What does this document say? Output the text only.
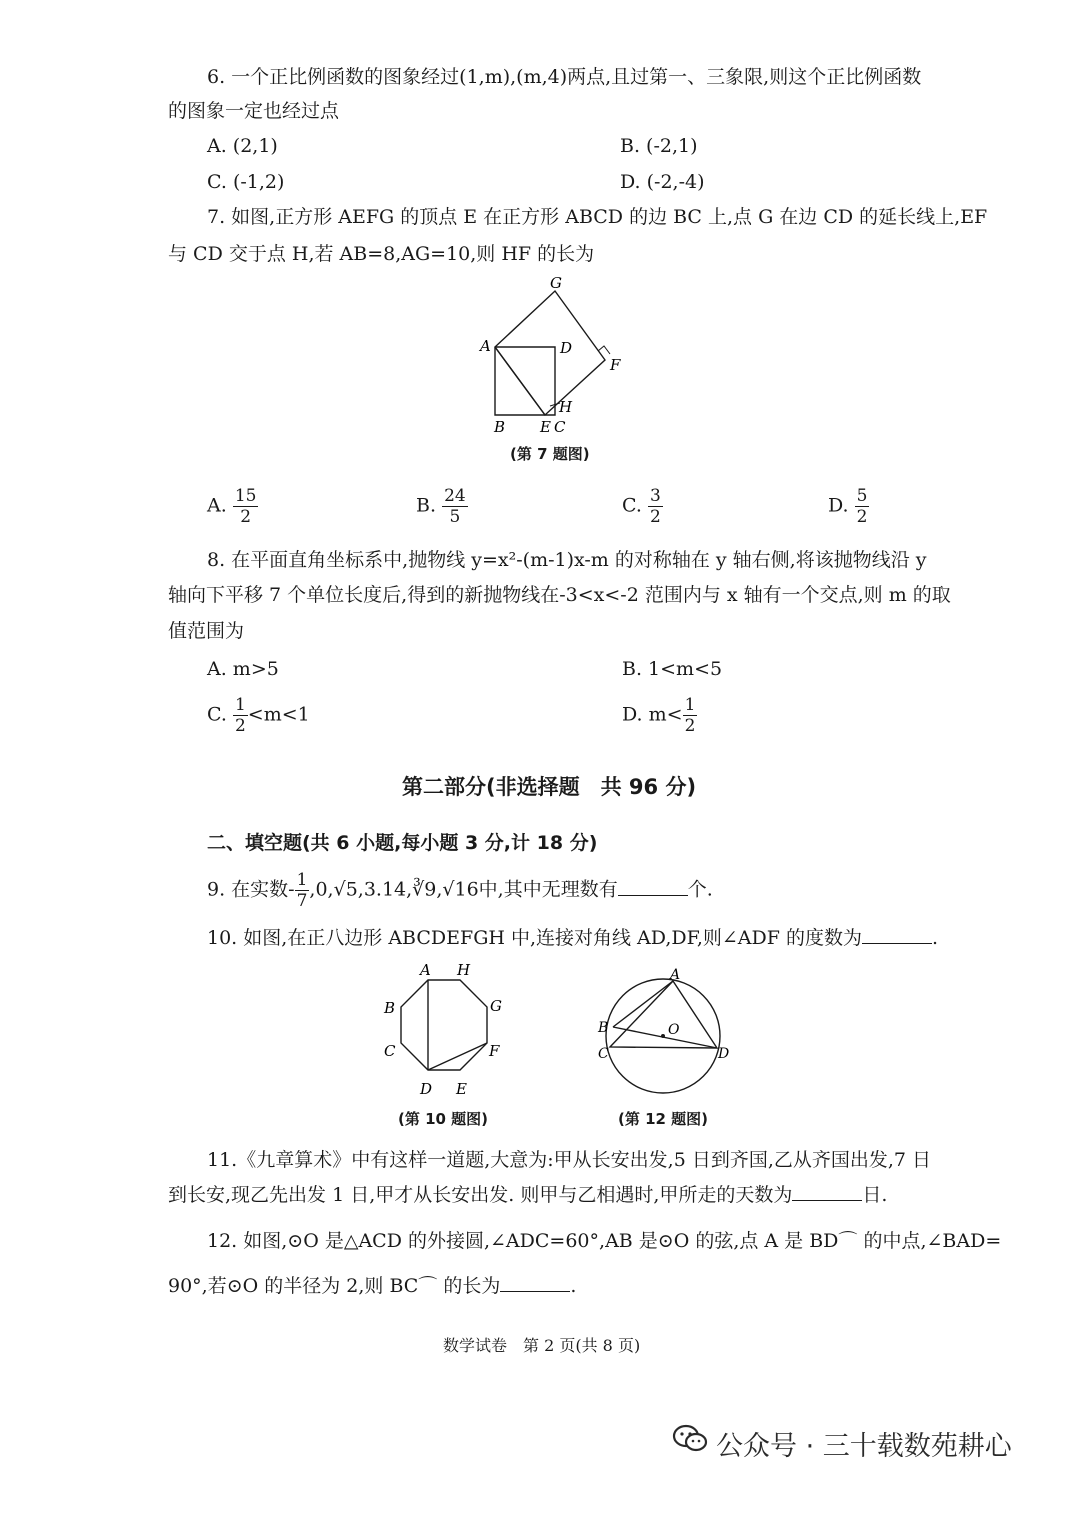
6. 一个正比例函数的图象经过(1,m),(m,4)两点,且过第一、三象限,则这个正比例函数
的图象一定也经过点
A. (2,1)	B. (-2,1)
C. (-1,2)	D. (-2,-4)
7. 如图,正方形 AEFG 的顶点 E 在正方形 ABCD 的边 BC 上,点 G 在边 CD 的延长线上,EF
与 CD 交于点 H,若 AB=8,AG=10,则 HF 的长为
G
A	D
F
H
B E C
(第 7 题图)
A. $\frac{15}{2}$	B. $\frac{24}{5}$	C. $\frac{3}{2}$	D. $\frac{5}{2}$
8. 在平面直角坐标系中,抛物线 y=x²-(m-1)x-m 的对称轴在 y 轴右侧,将该抛物线沿 y
轴向下平移 7 个单位长度后,得到的新抛物线在-3<x<-2 范围内与 x 轴有一个交点,则 m 的取
值范围为
A. m>5	B. 1<m<5
C. $\frac{1}{2} <m<1$	D. $m< \frac{1}{2}$
第二部分(非选择题　共 96 分)
二、填空题(共 6 小题,每小题 3 分,计 18 分)
9. 在实数- $\frac{1}{7}$ ,0,√5,3.14,∛9,√16中,其中无理数有	个.
10. 如图,在正八边形 ABCDEFGH 中,连接对角线 AD,DF,则∠ADF 的度数为	.
A H
B	G
C	F
D E
(第 10 题图)
A
B	O
C	D
(第 12 题图)
11.《九章算术》中有这样一道题,大意为:甲从长安出发,5 日到齐国,乙从齐国出发,7 日
到长安,现乙先出发 1 日,甲才从长安出发. 则甲与乙相遇时,甲所走的天数为	日.
12. 如图,⊙O 是△ACD 的外接圆,∠ADC=60°,AB 是⊙O 的弦,点 A 是 BD⌒ 的中点,∠BAD=
90°,若⊙O 的半径为 2,则 BC⌒ 的长为	.
数学试卷　第 2 页(共 8 页)
公众号 · 三十载数苑耕心
